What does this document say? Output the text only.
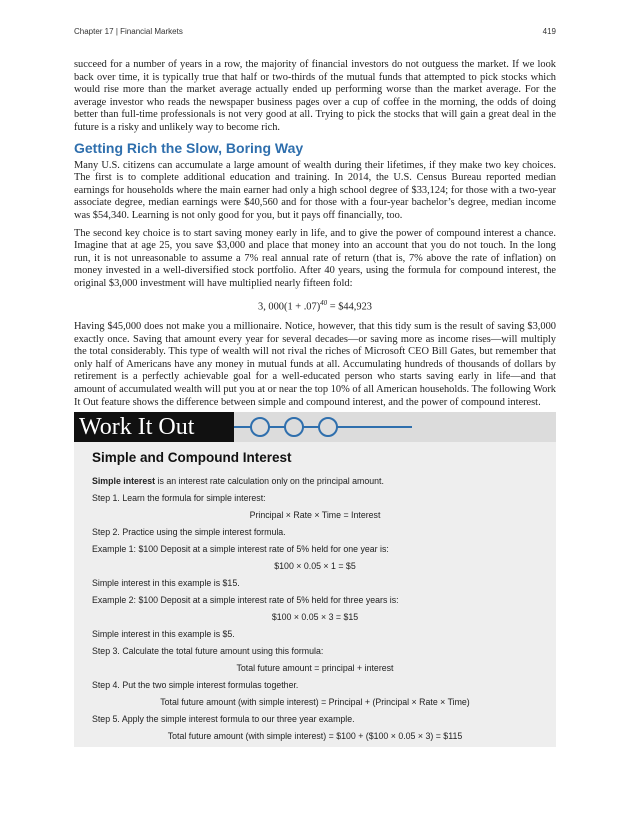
Chapter 17 | Financial Markets	419

succeed for a number of years in a row, the majority of financial investors do not outguess the market. If we look back over time, it is typically true that half or two-thirds of the mutual funds that attempted to pick stocks which would rise more than the market average actually ended up performing worse than the market average. For the average investor who reads the newspaper business pages over a cup of coffee in the morning, the odds of doing better than full-time professionals is not very good at all. Trying to pick the stocks that will gain a great deal in the future is a risky and unlikely way to become rich.

Getting Rich the Slow, Boring Way

Many U.S. citizens can accumulate a large amount of wealth during their lifetimes, if they make two key choices. The first is to complete additional education and training. In 2014, the U.S. Census Bureau reported median earnings for households where the main earner had only a high school degree of $33,124; for those with a two-year associate degree, median earnings were $40,560 and for those with a four-year bachelor’s degree, median income was $54,340. Learning is not only good for you, but it pays off financially, too.

The second key choice is to start saving money early in life, and to give the power of compound interest a chance. Imagine that at age 25, you save $3,000 and place that money into an account that you do not touch. In the long run, it is not unreasonable to assume a 7% real annual rate of return (that is, 7% above the rate of inflation) on money invested in a well-diversified stock portfolio. After 40 years, using the formula for compound interest, the original $3,000 investment will have multiplied nearly fifteen fold:

3, $000(1 + .07)^{40}$ = $44,923

Having $45,000 does not make you a millionaire. Notice, however, that this tidy sum is the result of saving $3,000 exactly once. Saving that amount every year for several decades—or saving more as income rises—will multiply the total considerably. This type of wealth will not rival the riches of Microsoft CEO Bill Gates, but remember that only half of Americans have any money in mutual funds at all. Accumulating hundreds of thousands of dollars by retirement is a perfectly achievable goal for a well-educated person who starts saving early in life—and that amount of accumulated wealth will put you at or near the top 10% of all American households. The following Work It Out feature shows the difference between simple and compound interest, and the power of compound interest.

Work It Out
Simple and Compound Interest
Simple interest is an interest rate calculation only on the principal amount.
Step 1. Learn the formula for simple interest:
Principal × Rate × Time = Interest
Step 2. Practice using the simple interest formula.
Example 1: $100 Deposit at a simple interest rate of 5% held for one year is:
$100 × 0.05 × 1 = $5
Simple interest in this example is $15.
Example 2: $100 Deposit at a simple interest rate of 5% held for three years is:
$100 × 0.05 × 3 = $15
Simple interest in this example is $5.
Step 3. Calculate the total future amount using this formula:
Total future amount = principal + interest
Step 4. Put the two simple interest formulas together.
Total future amount (with simple interest) = Principal + (Principal × Rate × Time)
Step 5. Apply the simple interest formula to our three year example.
Total future amount (with simple interest) = $100 + ($100 × 0.05 × 3) = $115
